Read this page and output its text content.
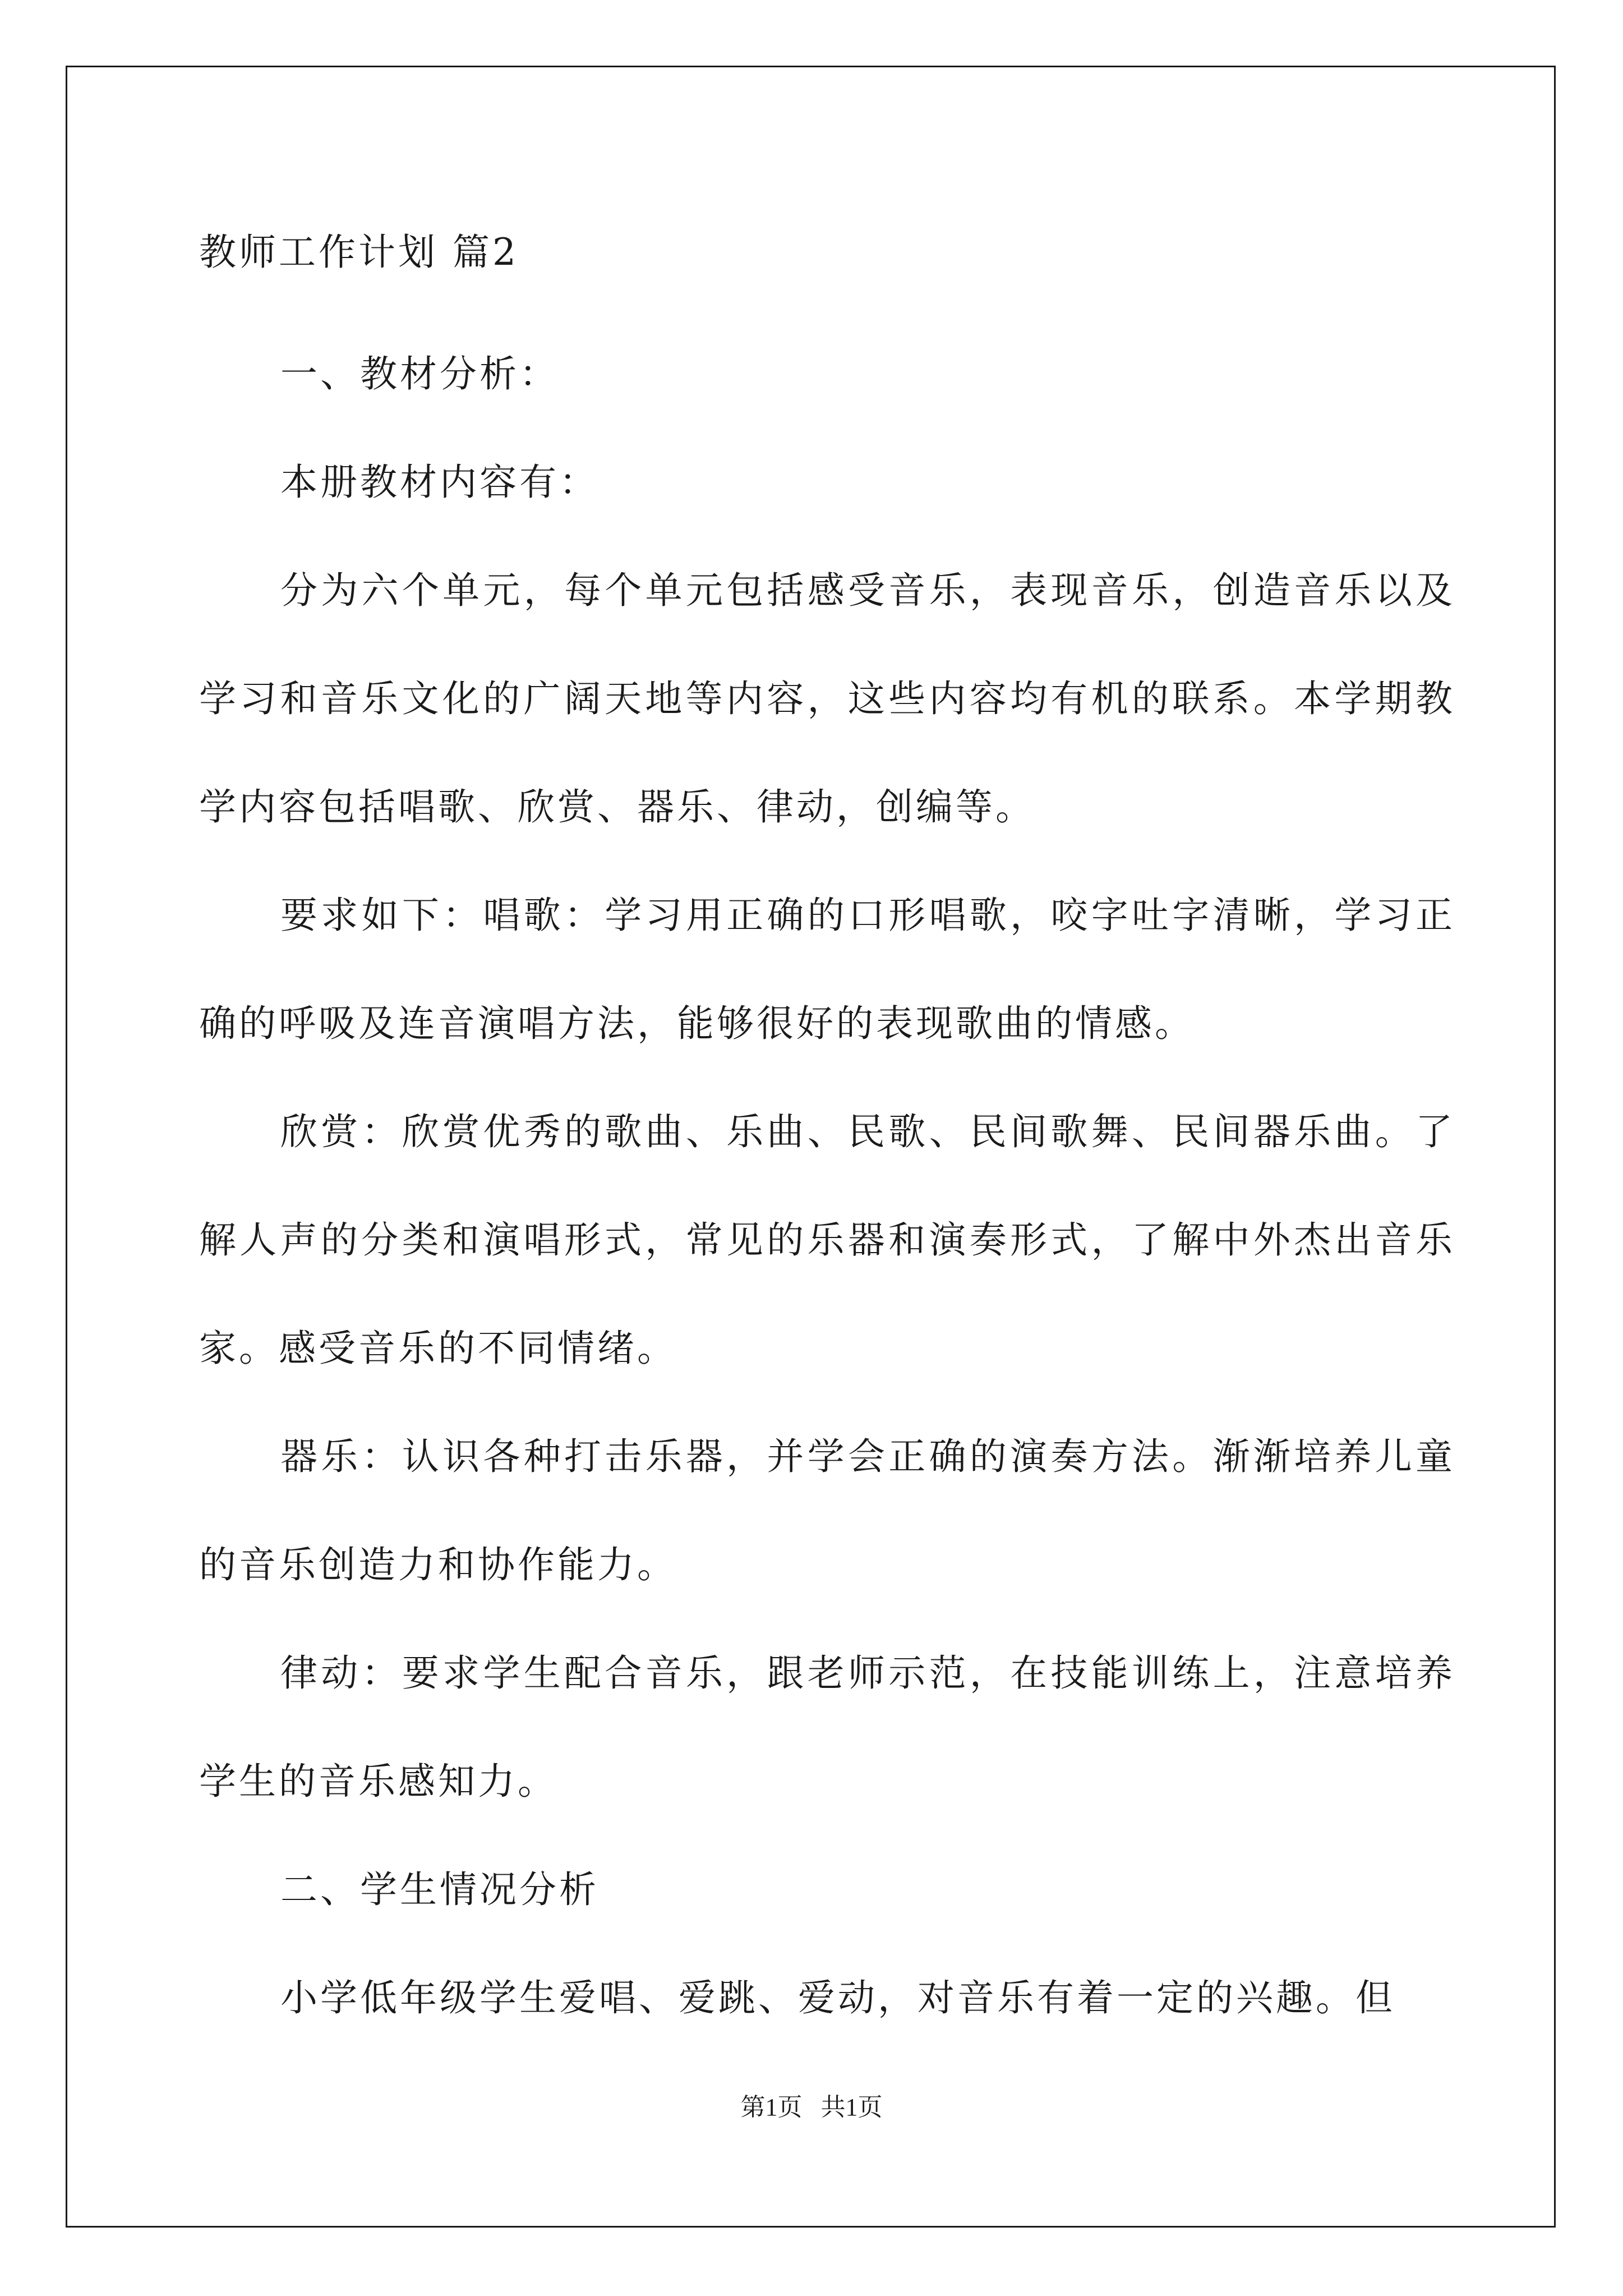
教师工作计划 篇2

一、教材分析：

本册教材内容有：

分为六个单元，每个单元包括感受音乐，表现音乐，创造音乐以及学习和音乐文化的广阔天地等内容，这些内容均有机的联系。本学期教学内容包括唱歌、欣赏、器乐、律动，创编等。

要求如下：唱歌：学习用正确的口形唱歌，咬字吐字清晰，学习正确的呼吸及连音演唱方法，能够很好的表现歌曲的情感。

欣赏：欣赏优秀的歌曲、乐曲、民歌、民间歌舞、民间器乐曲。了解人声的分类和演唱形式，常见的乐器和演奏形式，了解中外杰出音乐家。感受音乐的不同情绪。

器乐：认识各种打击乐器，并学会正确的演奏方法。渐渐培养儿童的音乐创造力和协作能力。

律动：要求学生配合音乐，跟老师示范，在技能训练上，注意培养学生的音乐感知力。

二、学生情况分析

小学低年级学生爱唱、爱跳、爱动，对音乐有着一定的兴趣。但

第1页   共1页
